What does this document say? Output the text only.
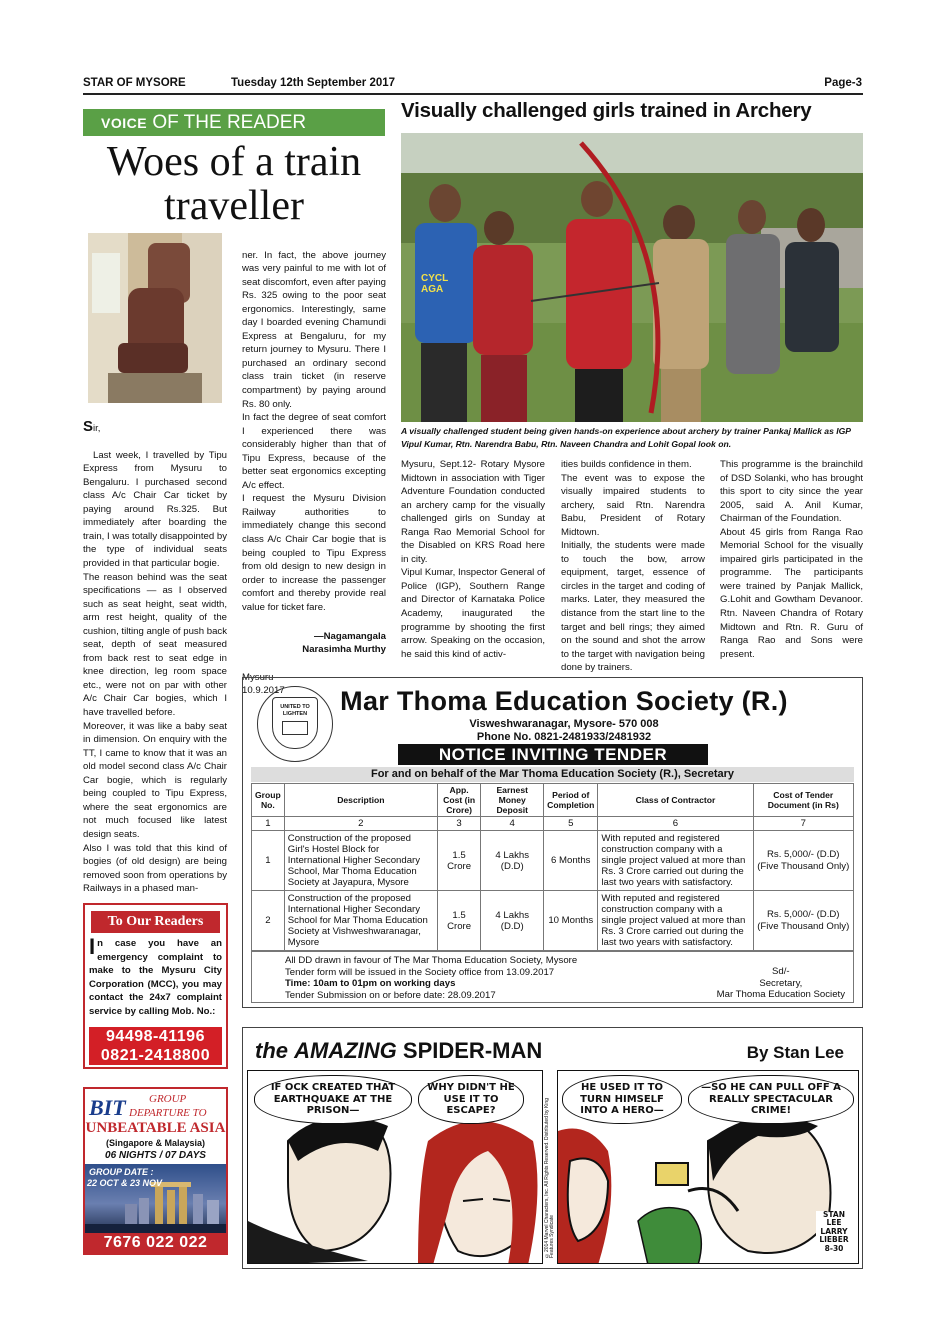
STAR OF MYSORE	Tuesday 12th September 2017	Page-3
VOICE OF THE READER
Woes of a train
traveller

Sir,

Last week, I travelled by Tipu Express from Mysuru to Bengaluru. I purchased second class A/c Chair Car ticket by paying around Rs.325. But immediately after boarding the train, I was totally disappointed by the type of individual seats provided in that particular bogie.
The reason behind was the seat specifications — as I observed such as seat height, seat width, arm rest height, quality of the cushion, tilting angle of push back seat, depth of seat measured from back rest to seat edge in knee direction, leg room space etc., were not on par with other A/c Chair Car bogies, which I have travelled before.
Moreover, it was like a baby seat in dimension. On enquiry with the TT, I came to know that it was an old model second class A/c Chair Car bogie, which is regularly being coupled to Tipu Express, where the seat ergonomics are not much focused like latest design seats.
Also I was told that this kind of bogies (of old design) are being removed soon from operations by Railways in a phased man-

ner. In fact, the above journey was very painful to me with lot of seat discomfort, even after paying Rs. 325 owing to the poor seat ergonomics. Interestingly, same day I boarded evening Chamundi Express at Bengaluru, for my return journey to Mysuru. There I purchased an ordinary second class train ticket (in reserve compartment) by paying around Rs. 80 only.
In fact the degree of seat comfort I experienced there was considerably higher than that of Tipu Express, because of the better seat ergonomics excepting A/c effect.
I request the Mysuru Division Railway authorities to immediately change this second class A/c Chair Car bogie that is being coupled to Tipu Express from old design to new design in order to increase the passenger comfort and thereby provide real value for ticket fare.

—Nagamangala
Narasimha Murthy

Mysuru
10.9.2017

To Our Readers
In case you have an emergency complaint to make to the Mysuru City Corporation (MCC), you may contact the 24x7 complaint service by calling Mob. No.:
94498-41196
0821-2418800
BIT GROUP
DEPARTURE TO
UNBEATABLE ASIA
(Singapore & Malaysia)
06 NIGHTS / 07 DAYS
GROUP DATE :
22 OCT & 23 NOV
7676 022 022
Visually challenged girls trained in Archery
CYCL AGA
A visually challenged student being given hands-on experience about archery by trainer Pankaj Mallick as IGP Vipul Kumar, Rtn. Narendra Babu, Rtn. Naveen Chandra and Lohit Gopal look on.
Mysuru, Sept.12- Rotary Mysore Midtown in association with Tiger Adventure Foundation conducted an archery camp for the visually challenged girls on Sunday at Ranga Rao Memorial School for the Disabled on KRS Road here in city.
Vipul Kumar, Inspector General of Police (IGP), Southern Range and Director of Karnataka Police Academy, inaugurated the programme by shooting the first arrow. Speaking on the occasion, he said this kind of activ-
ities builds confidence in them.
The event was to expose the visually impaired students to archery, said Rtn. Narendra Babu, President of Rotary Midtown.
Initially, the students were made to touch the bow, arrow equipment, target, essence of circles in the target and coding of marks. Later, they measured the distance from the start line to the target and bell rings; they aimed on the sound and shot the arrow to the target with navigation being done by trainers.
This programme is the brainchild of DSD Solanki, who has brought this sport to city since the year 2005, said A. Anil Kumar, Chairman of the Foundation.
About 45 girls from Ranga Rao Memorial School for the visually impaired girls participated in the programme. The participants were trained by Panjak Mallick, G.Lohit and Gowtham Devanoor. Rtn. Naveen Chandra of Rotary Midtown and Rtn. R. Guru of Ranga Rao and Sons were present.
UNITED TO LIGHTEN	Mar Thoma Education Society (R.)
Visweshwaranagar, Mysore- 570 008
Phone No. 0821-2481933/2481932
NOTICE INVITING TENDER
For and on behalf of the Mar Thoma Education Society (R.), Secretary
Group No.	Description	App. Cost (in Crore)	Earnest Money Deposit	Period of Completion	Class of Contractor	Cost of Tender Document (in Rs)
1	2	3	4	5	6	7
1	Construction of the proposed Girl's Hostel Block for International Higher Secondary School, Mar Thoma Education Society at Jayapura, Mysore	1.5 Crore	4 Lakhs (D.D)	6 Months	With reputed and registered construction company with a single project valued at more than Rs. 3 Crore carried out during the last two years with satisfactory.	Rs. 5,000/- (D.D) (Five Thousand Only)
2	Construction of the proposed International Higher Secondary School for Mar Thoma Education Society at Vishweshwaranagar, Mysore	1.5 Crore	4 Lakhs (D.D)	10 Months	With reputed and registered construction company with a single project valued at more than Rs. 3 Crore carried out during the last two years with satisfactory.	Rs. 5,000/- (D.D) (Five Thousand Only)
All DD drawn in favour of The Mar Thoma Education Society, Mysore
Tender form will be issued in the Society office from 13.09.2017
Time: 10am to 01pm on working days
Tender Submission on or before date: 28.09.2017
Sd/-
Secretary,
Mar Thoma Education Society
the AMAZING SPIDER-MAN	By Stan Lee
IF OCK CREATED THAT EARTHQUAKE AT THE PRISON—
WHY DIDN'T HE USE IT TO ESCAPE?	©2014 Marvel Characters, Inc. All Rights Reserved. Distributed by King Features Syndicate
HE USED IT TO TURN HIMSELF INTO A HERO—
—SO HE CAN PULL OFF A REALLY SPECTACULAR CRIME!
STAN LEE LARRY LIEBER 8-30
